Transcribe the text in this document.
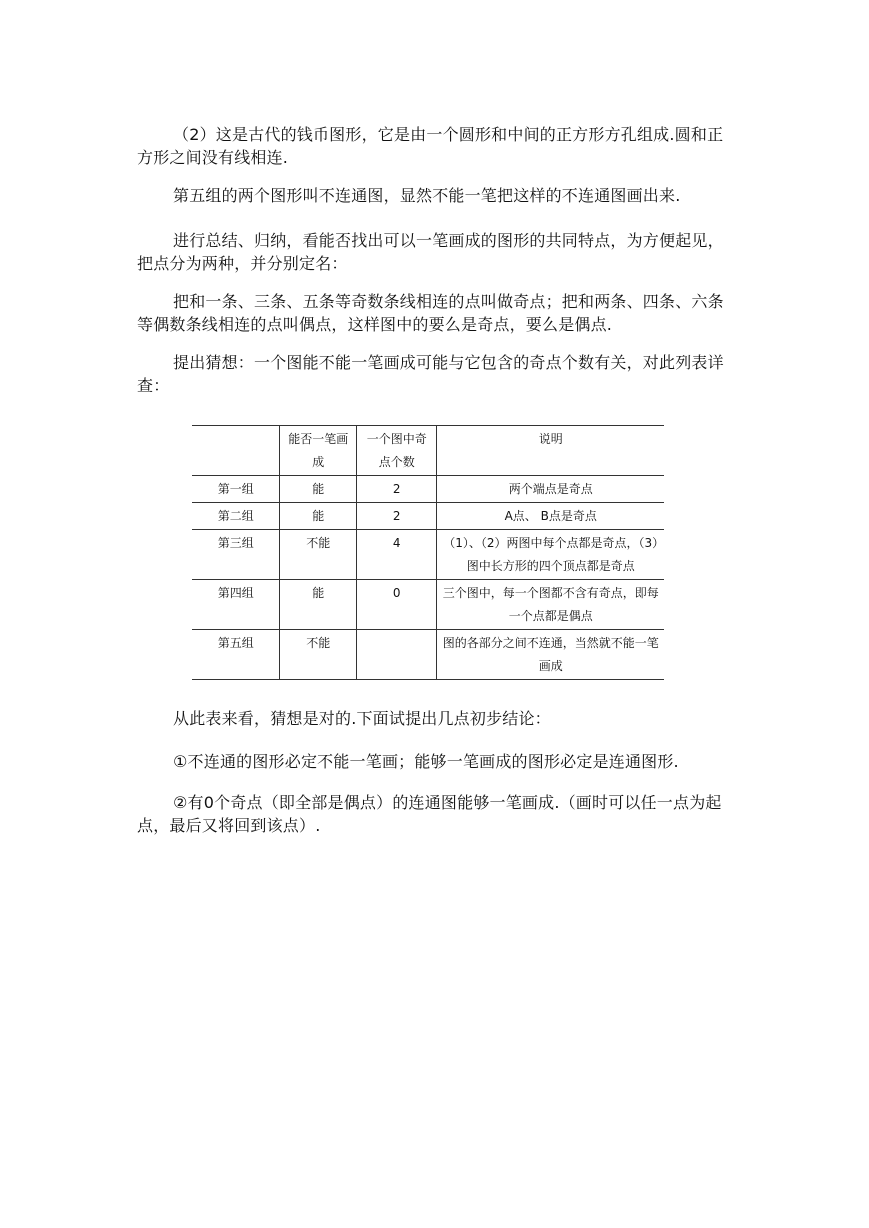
（2）这是古代的钱币图形，它是由一个圆形和中间的正方形方孔组成.圆和正方形之间没有线相连.

第五组的两个图形叫不连通图，显然不能一笔把这样的不连通图画出来.

进行总结、归纳，看能否找出可以一笔画成的图形的共同特点，为方便起见，把点分为两种，并分别定名：

把和一条、三条、五条等奇数条线相连的点叫做奇点；把和两条、四条、六条等偶数条线相连的点叫偶点，这样图中的要么是奇点，要么是偶点.

提出猜想：一个图能不能一笔画成可能与它包含的奇点个数有关，对此列表详查：

	能否一笔画成	一个图中奇点个数	说明
第一组	能	2	两个端点是奇点
第二组	能	2	A点、 B点是奇点
第三组	不能	4	（1）、（2）两图中每个点都是奇点，（3）图中长方形的四个顶点都是奇点
第四组	能	0	三个图中，每一个图都不含有奇点，即每一个点都是偶点
第五组	不能		图的各部分之间不连通，当然就不能一笔画成

从此表来看，猜想是对的.下面试提出几点初步结论：

①不连通的图形必定不能一笔画；能够一笔画成的图形必定是连通图形.

②有0个奇点（即全部是偶点）的连通图能够一笔画成.（画时可以任一点为起点，最后又将回到该点）.
